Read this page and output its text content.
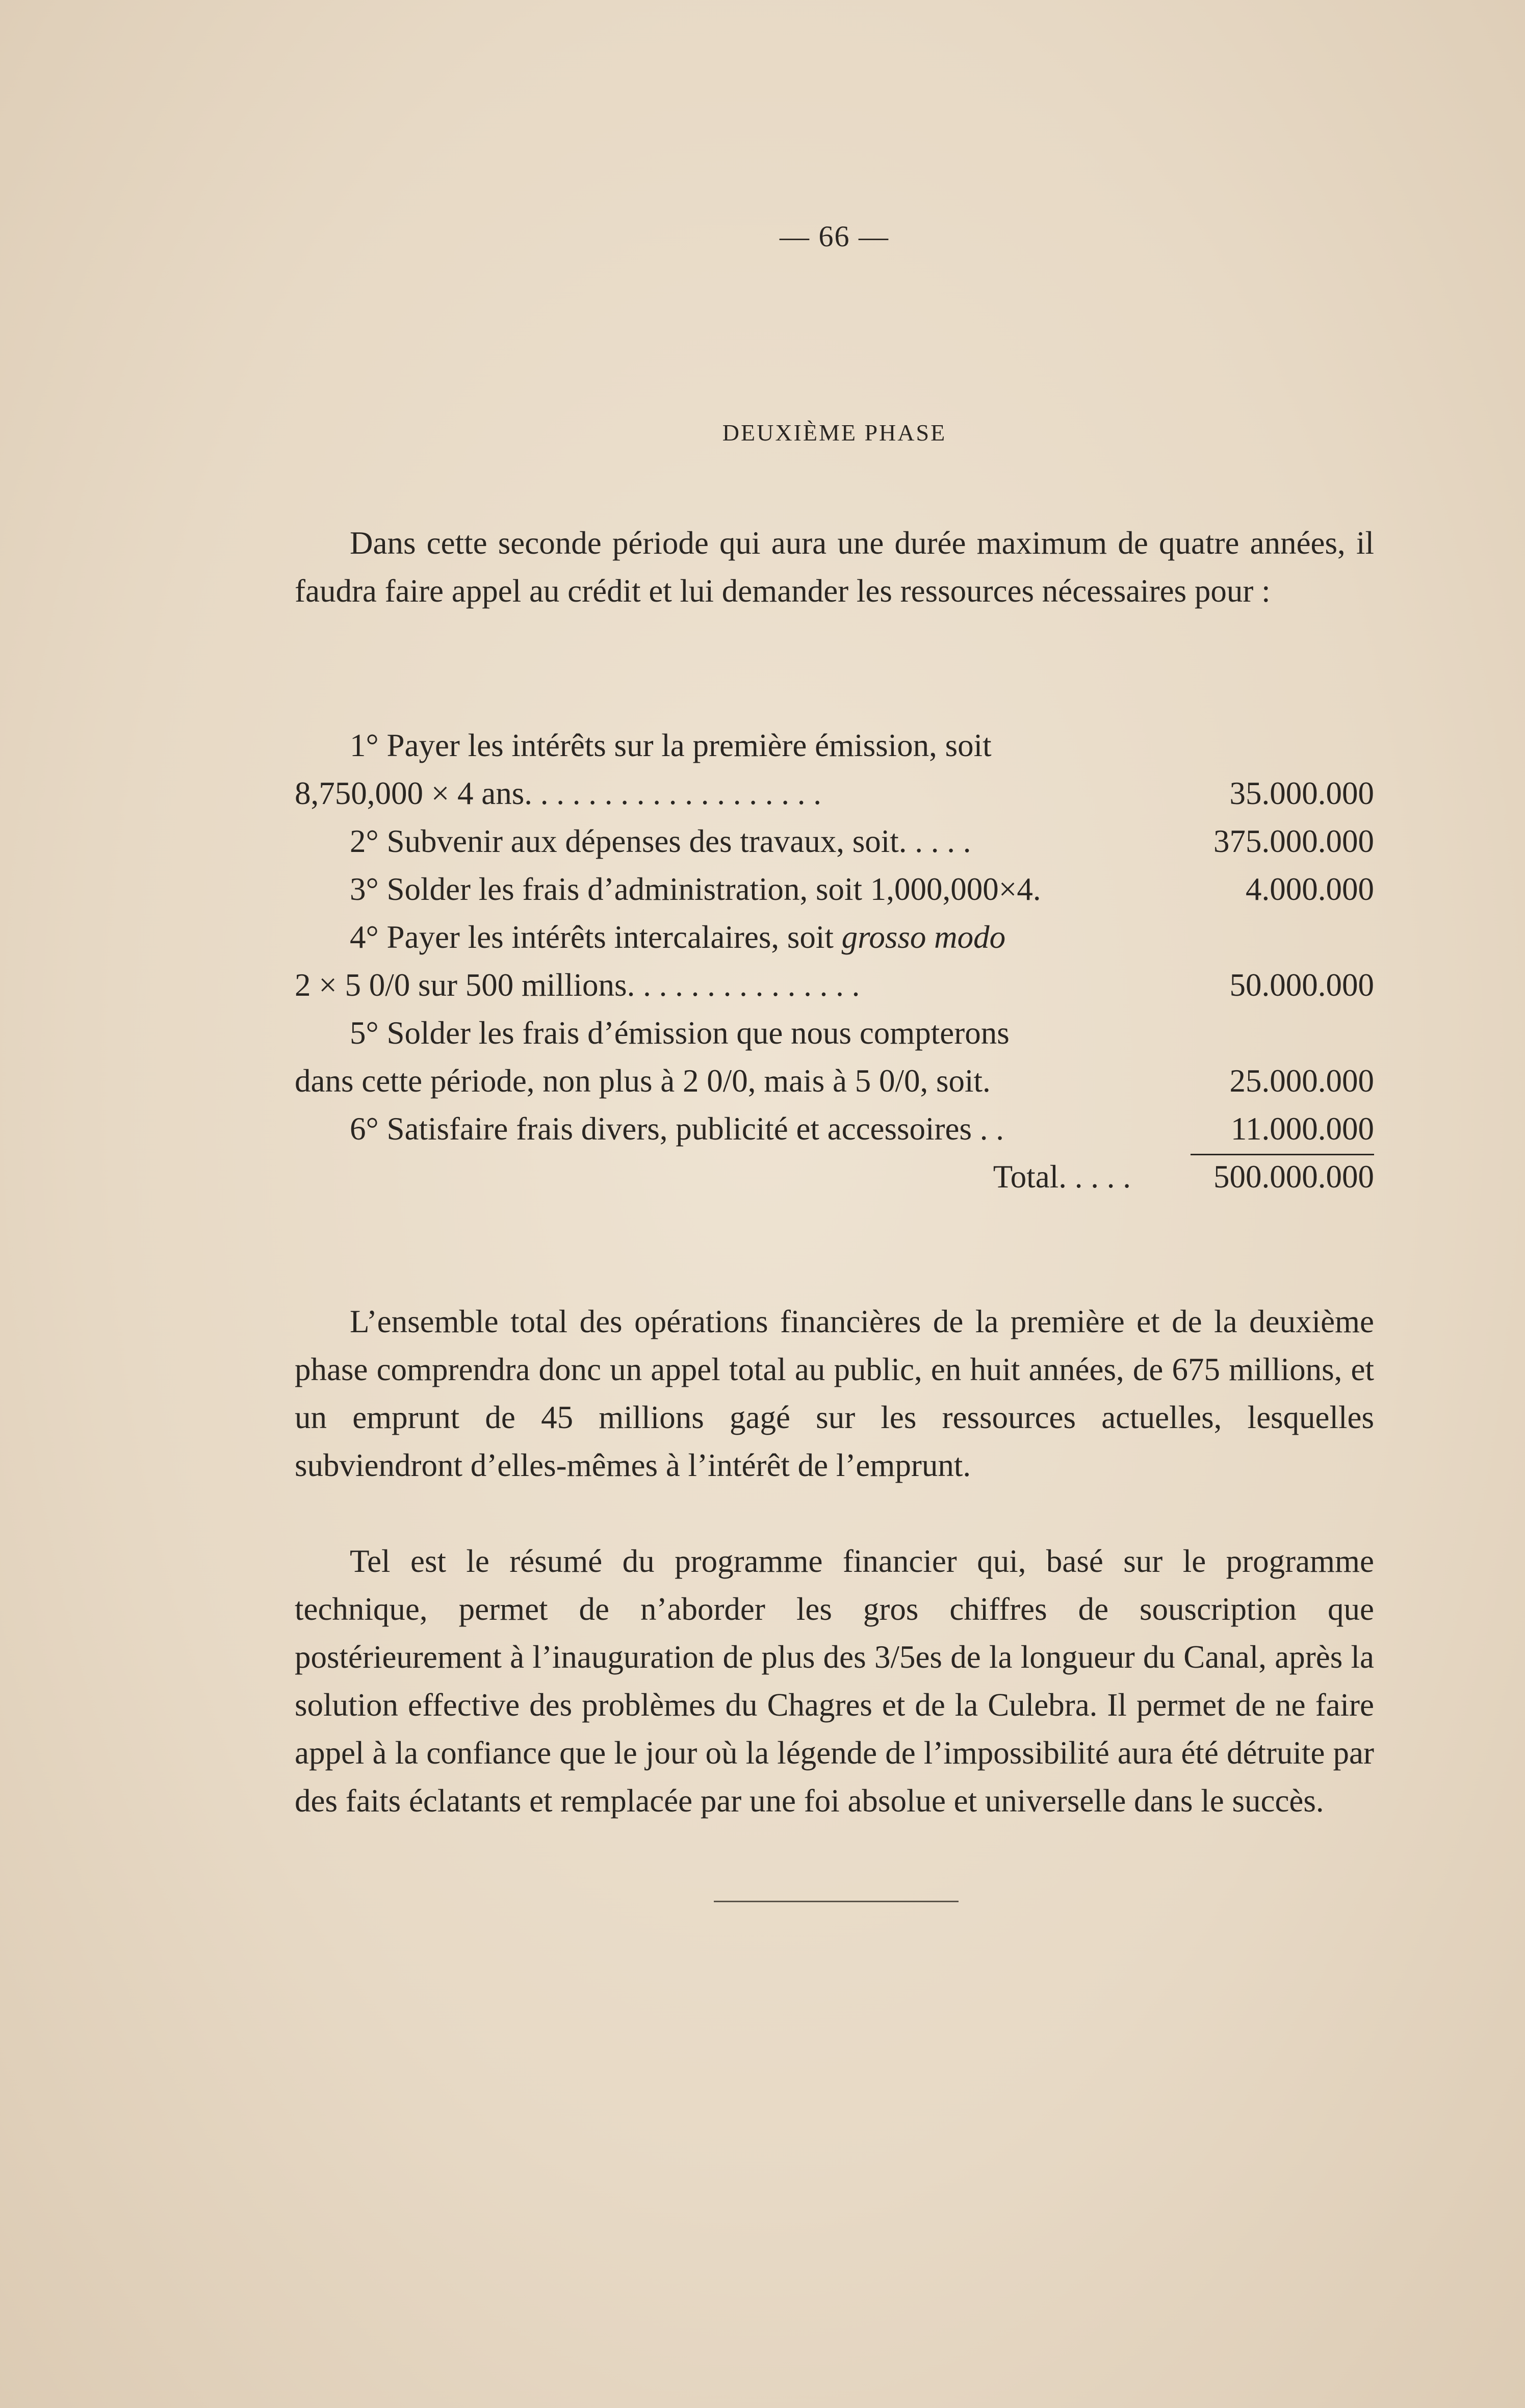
— 66 —
DEUXIÈME PHASE

Dans cette seconde période qui aura une durée maximum de quatre années, il faudra faire appel au crédit et lui demander les ressources nécessaires pour :

1° Payer les intérêts sur la première émission, soit
8,750,000 × 4 ans. . . . . . . . . . . . . . . . . . .	35.000.000
2° Subvenir aux dépenses des travaux, soit. . . . .	375.000.000
3° Solder les frais d’administration, soit 1,000,000×4.	4.000.000
4° Payer les intérêts intercalaires, soit grosso modo
2 × 5 0/0 sur 500 millions. . . . . . . . . . . . . . .	50.000.000
5° Solder les frais d’émission que nous compterons
dans cette période, non plus à 2 0/0, mais à 5 0/0, soit.	25.000.000
6° Satisfaire frais divers, publicité et accessoires . .	11.000.000
Total. . . . .	500.000.000

L’ensemble total des opérations financières de la première et de la deuxième phase comprendra donc un appel total au public, en huit années, de 675 millions, et un emprunt de 45 millions gagé sur les ressources actuelles, lesquelles subviendront d’elles-mêmes à l’intérêt de l’emprunt.

Tel est le résumé du programme financier qui, basé sur le programme technique, permet de n’aborder les gros chiffres de souscription que postérieurement à l’inauguration de plus des 3/5es de la longueur du Canal, après la solution effective des problèmes du Chagres et de la Culebra. Il permet de ne faire appel à la confiance que le jour où la légende de l’impossibilité aura été détruite par des faits éclatants et remplacée par une foi absolue et universelle dans le succès.
